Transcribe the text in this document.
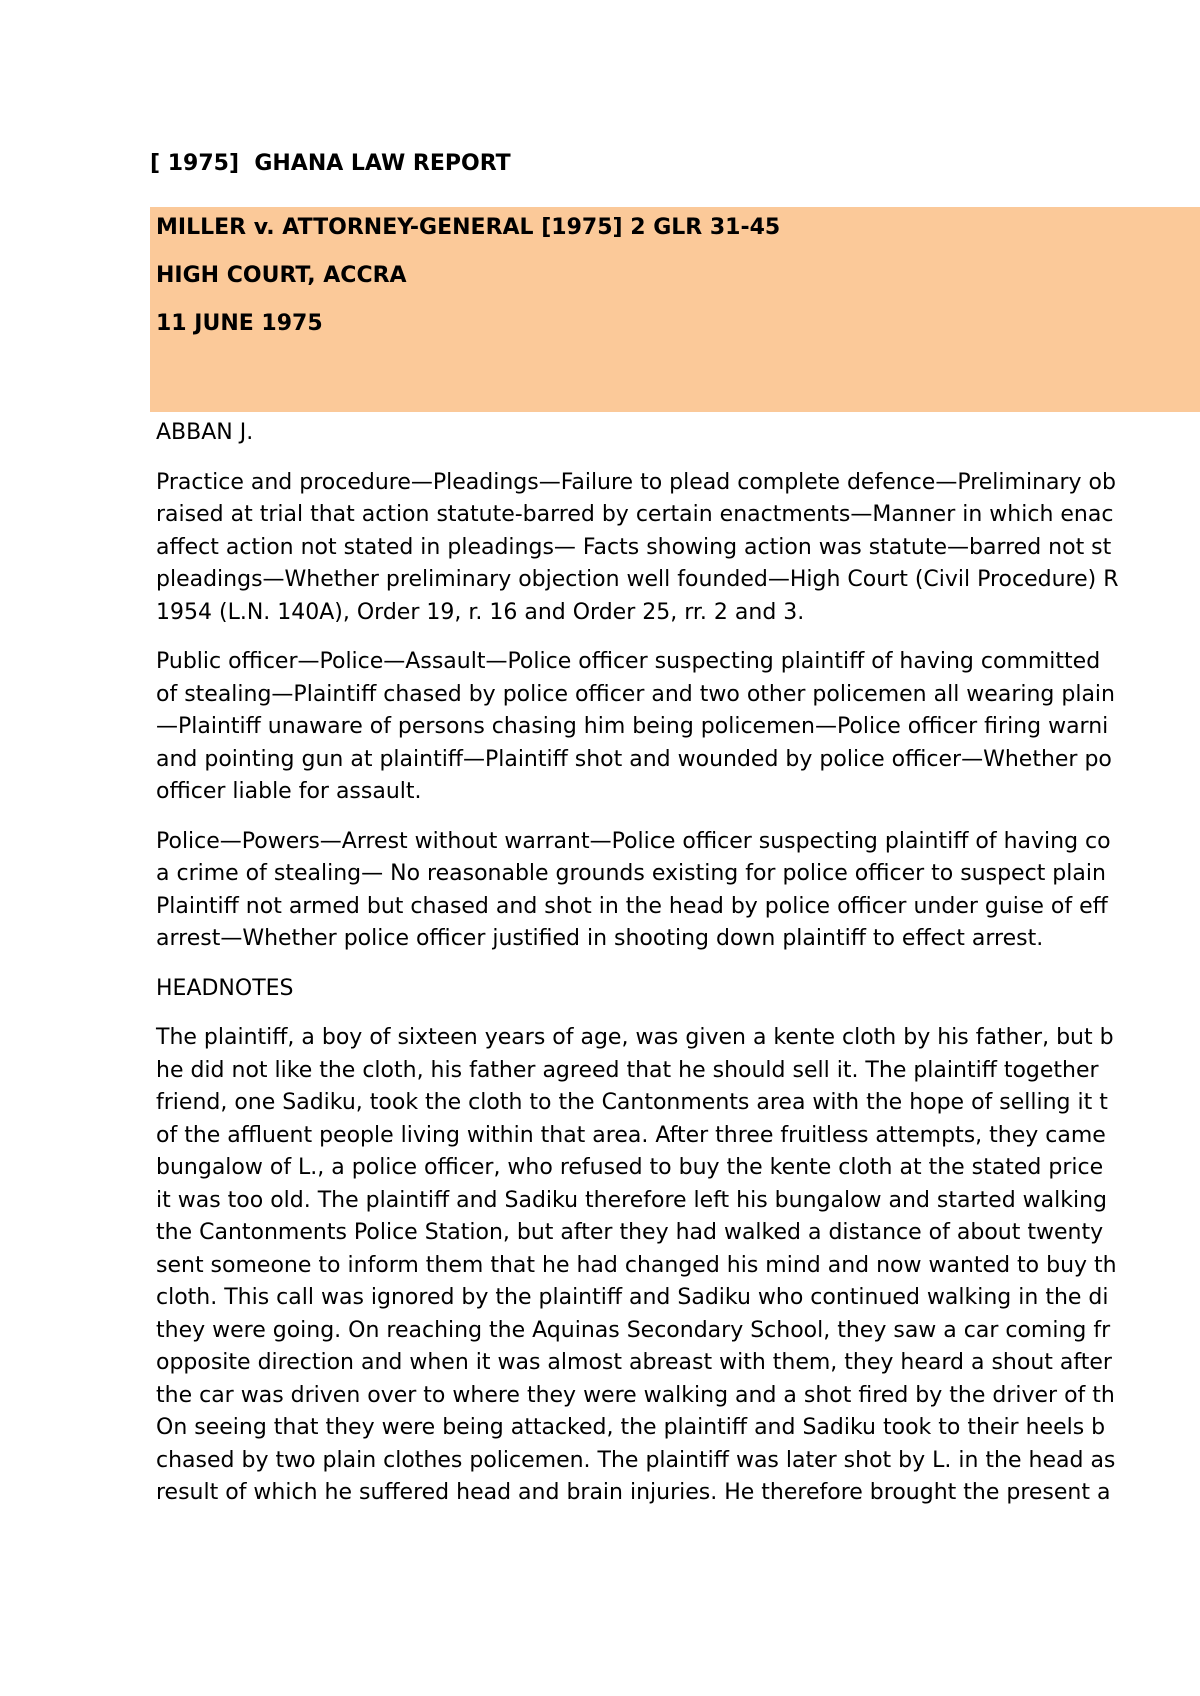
[ 1975]  GHANA LAW REPORT
MILLER v. ATTORNEY-GENERAL [1975] 2 GLR 31-45
HIGH COURT, ACCRA
11 JUNE 1975

ABBAN J.

Practice and procedure—Pleadings—Failure to plead complete defence—Preliminary ob
raised at trial that action statute-barred by certain enactments—Manner in which enac
affect action not stated in pleadings— Facts showing action was statute—barred not st
pleadings—Whether preliminary objection well founded—High Court (Civil Procedure) R
1954 (L.N. 140A), Order 19, r. 16 and Order 25, rr. 2 and 3.

Public officer—Police—Assault—Police officer suspecting plaintiff of having committed
of stealing—Plaintiff chased by police officer and two other policemen all wearing plain
—Plaintiff unaware of persons chasing him being policemen—Police officer firing warni
and pointing gun at plaintiff—Plaintiff shot and wounded by police officer—Whether po
officer liable for assault.

Police—Powers—Arrest without warrant—Police officer suspecting plaintiff of having co
a crime of stealing— No reasonable grounds existing for police officer to suspect plain
Plaintiff not armed but chased and shot in the head by police officer under guise of eff
arrest—Whether police officer justified in shooting down plaintiff to effect arrest.

HEADNOTES

The plaintiff, a boy of sixteen years of age, was given a kente cloth by his father, but b
he did not like the cloth, his father agreed that he should sell it. The plaintiff together
friend, one Sadiku, took the cloth to the Cantonments area with the hope of selling it t
of the affluent people living within that area. After three fruitless attempts, they came
bungalow of L., a police officer, who refused to buy the kente cloth at the stated price
it was too old. The plaintiff and Sadiku therefore left his bungalow and started walking
the Cantonments Police Station, but after they had walked a distance of about twenty
sent someone to inform them that he had changed his mind and now wanted to buy th
cloth. This call was ignored by the plaintiff and Sadiku who continued walking in the di
they were going. On reaching the Aquinas Secondary School, they saw a car coming fr
opposite direction and when it was almost abreast with them, they heard a shout after
the car was driven over to where they were walking and a shot fired by the driver of th
On seeing that they were being attacked, the plaintiff and Sadiku took to their heels b
chased by two plain clothes policemen. The plaintiff was later shot by L. in the head as
result of which he suffered head and brain injuries. He therefore brought the present a
